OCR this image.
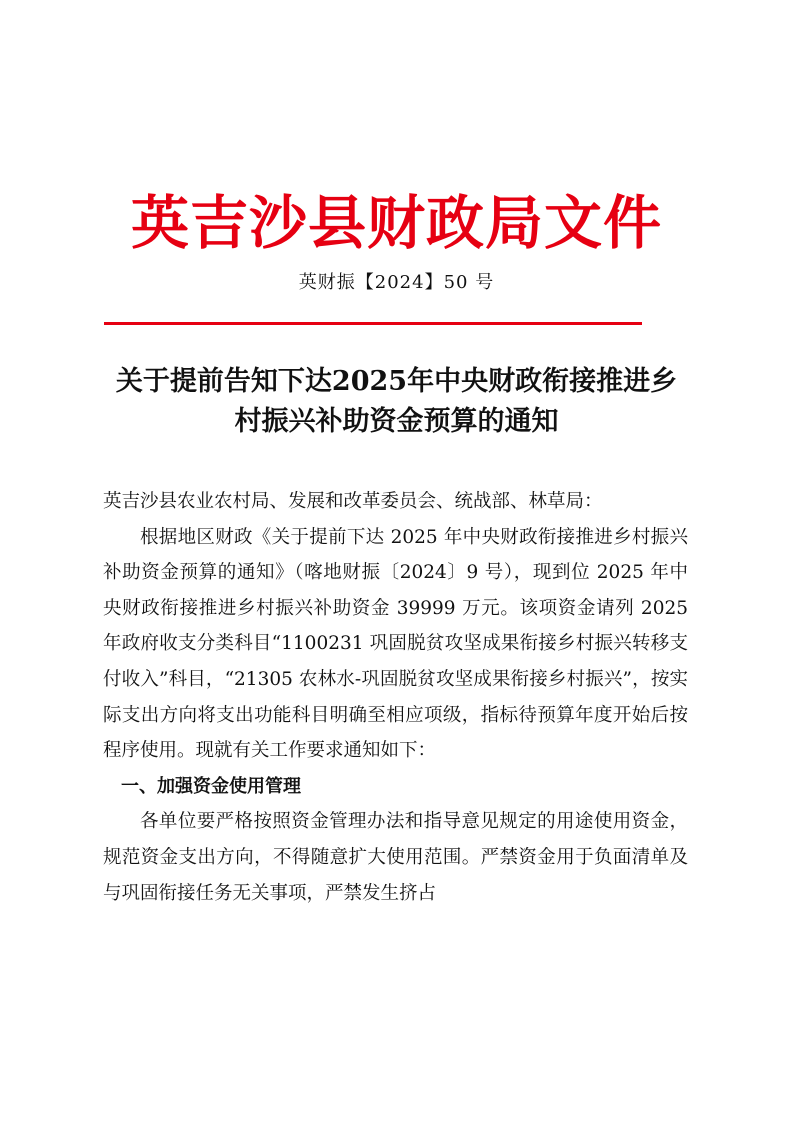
英吉沙县财政局文件
英财振【2024】50 号
关于提前告知下达2025年中央财政衔接推进乡
村振兴补助资金预算的通知

英吉沙县农业农村局、发展和改革委员会、统战部、林草局：

根据地区财政《关于提前下达 2025 年中央财政衔接推进乡村振兴补助资金预算的通知》（喀地财振〔2024〕9 号），现到位 2025 年中央财政衔接推进乡村振兴补助资金 39999 万元。该项资金请列 2025 年政府收支分类科目“1100231 巩固脱贫攻坚成果衔接乡村振兴转移支付收入”科目，“21305 农林水-巩固脱贫攻坚成果衔接乡村振兴”，按实际支出方向将支出功能科目明确至相应项级，指标待预算年度开始后按程序使用。现就有关工作要求通知如下：

一、加强资金使用管理

各单位要严格按照资金管理办法和指导意见规定的用途使用资金，规范资金支出方向，不得随意扩大使用范围。严禁资金用于负面清单及与巩固衔接任务无关事项，严禁发生挤占
